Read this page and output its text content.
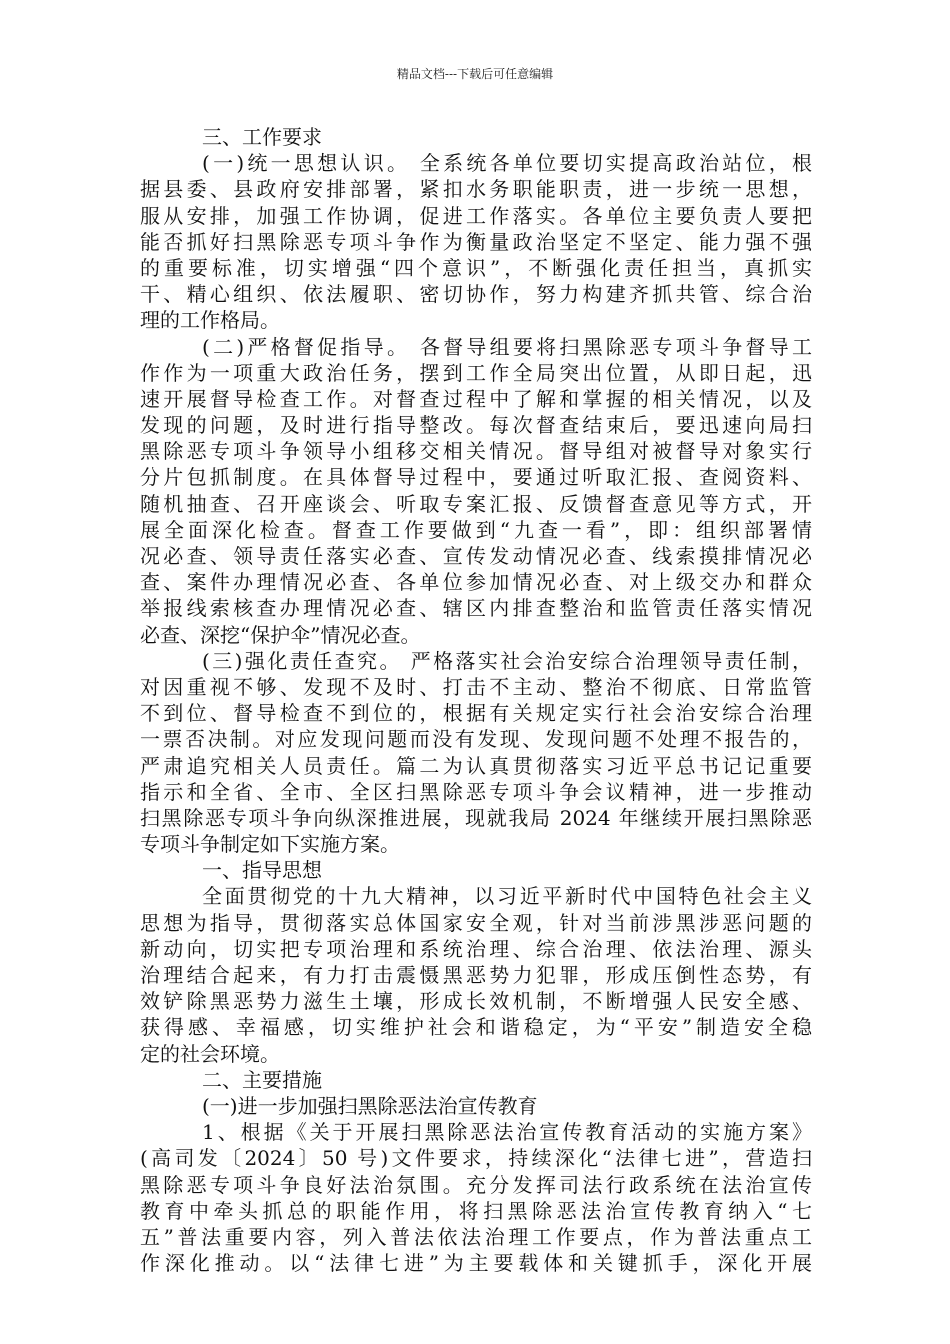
精品文档---下载后可任意编辑
三、工作要求
(一)统一思想认识。 全系统各单位要切实提高政治站位，根
据县委、县政府安排部署，紧扣水务职能职责，进一步统一思想，
服从安排，加强工作协调，促进工作落实。各单位主要负责人要把
能否抓好扫黑除恶专项斗争作为衡量政治坚定不坚定、能力强不强
的重要标准，切实增强“四个意识”，不断强化责任担当，真抓实
干、精心组织、依法履职、密切协作，努力构建齐抓共管、综合治
理的工作格局。
(二)严格督促指导。 各督导组要将扫黑除恶专项斗争督导工
作作为一项重大政治任务，摆到工作全局突出位置，从即日起，迅
速开展督导检查工作。对督查过程中了解和掌握的相关情况，以及
发现的问题，及时进行指导整改。每次督查结束后，要迅速向局扫
黑除恶专项斗争领导小组移交相关情况。督导组对被督导对象实行
分片包抓制度。在具体督导过程中，要通过听取汇报、查阅资料、
随机抽查、召开座谈会、听取专案汇报、反馈督查意见等方式，开
展全面深化检查。督查工作要做到“九查一看”，即：组织部署情
况必查、领导责任落实必查、宣传发动情况必查、线索摸排情况必
查、案件办理情况必查、各单位参加情况必查、对上级交办和群众
举报线索核查办理情况必查、辖区内排查整治和监管责任落实情况
必查、深挖“保护伞”情况必查。
(三)强化责任查究。 严格落实社会治安综合治理领导责任制，
对因重视不够、发现不及时、打击不主动、整治不彻底、日常监管
不到位、督导检查不到位的，根据有关规定实行社会治安综合治理
一票否决制。对应发现问题而没有发现、发现问题不处理不报告的，
严肃追究相关人员责任。篇二为认真贯彻落实习近平总书记记重要
指示和全省、全市、全区扫黑除恶专项斗争会议精神，进一步推动
扫黑除恶专项斗争向纵深推进展，现就我局 2024 年继续开展扫黑除恶
专项斗争制定如下实施方案。
一、指导思想
全面贯彻党的十九大精神，以习近平新时代中国特色社会主义
思想为指导，贯彻落实总体国家安全观，针对当前涉黑涉恶问题的
新动向，切实把专项治理和系统治理、综合治理、依法治理、源头
治理结合起来，有力打击震慑黑恶势力犯罪，形成压倒性态势，有
效铲除黑恶势力滋生土壤，形成长效机制，不断增强人民安全感、
获得感、幸福感，切实维护社会和谐稳定，为“平安”制造安全稳
定的社会环境。
二、主要措施
(一)进一步加强扫黑除恶法治宣传教育
1、根据《关于开展扫黑除恶法治宣传教育活动的实施方案》
(高司发〔2024〕50 号)文件要求，持续深化“法律七进”，营造扫
黑除恶专项斗争良好法治氛围。充分发挥司法行政系统在法治宣传
教育中牵头抓总的职能作用，将扫黑除恶法治宣传教育纳入“七
五”普法重要内容，列入普法依法治理工作要点，作为普法重点工
作深化推动。以“法律七进”为主要载体和关键抓手，深化开展
